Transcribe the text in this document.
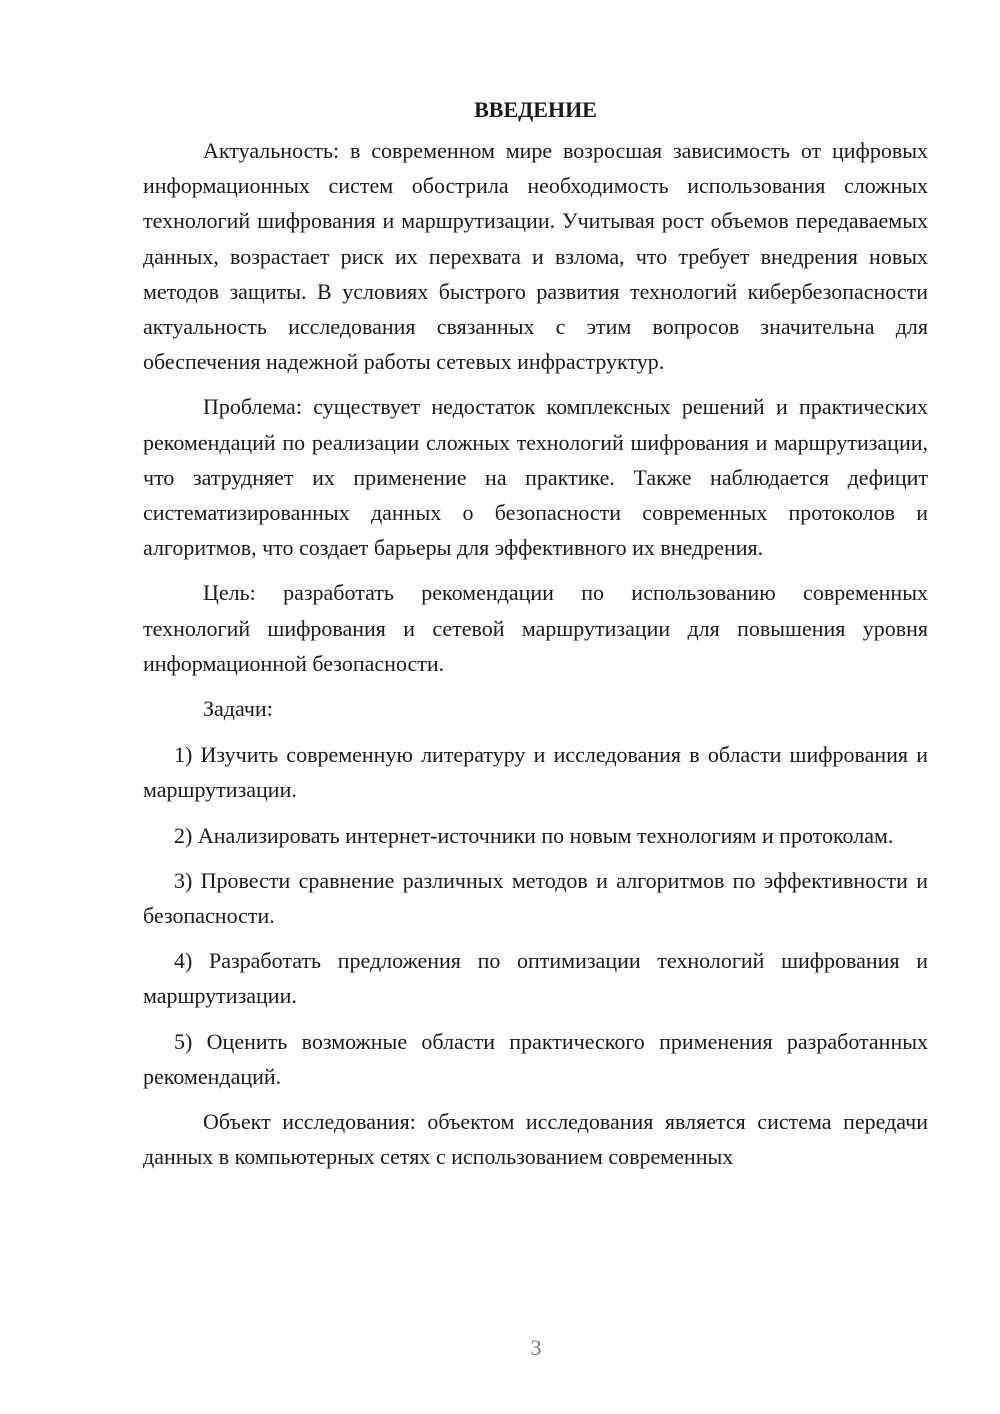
ВВЕДЕНИЕ

Актуальность: в современном мире возросшая зависимость от цифровых информационных систем обострила необходимость использования сложных технологий шифрования и маршрутизации. Учитывая рост объемов передаваемых данных, возрастает риск их перехвата и взлома, что требует внедрения новых методов защиты. В условиях быстрого развития технологий кибербезопасности актуальность исследования связанных с этим вопросов значительна для обеспечения надежной работы сетевых инфраструктур.

Проблема: существует недостаток комплексных решений и практических рекомендаций по реализации сложных технологий шифрования и маршрутизации, что затрудняет их применение на практике. Также наблюдается дефицит систематизированных данных о безопасности современных протоколов и алгоритмов, что создает барьеры для эффективного их внедрения.

Цель: разработать рекомендации по использованию современных технологий шифрования и сетевой маршрутизации для повышения уровня информационной безопасности.

Задачи:

1) Изучить современную литературу и исследования в области шифрования и маршрутизации.

2) Анализировать интернет-источники по новым технологиям и протоколам.

3) Провести сравнение различных методов и алгоритмов по эффективности и безопасности.

4) Разработать предложения по оптимизации технологий шифрования и маршрутизации.

5) Оценить возможные области практического применения разработанных рекомендаций.

Объект исследования: объектом исследования является система передачи данных в компьютерных сетях с использованием современных

3
